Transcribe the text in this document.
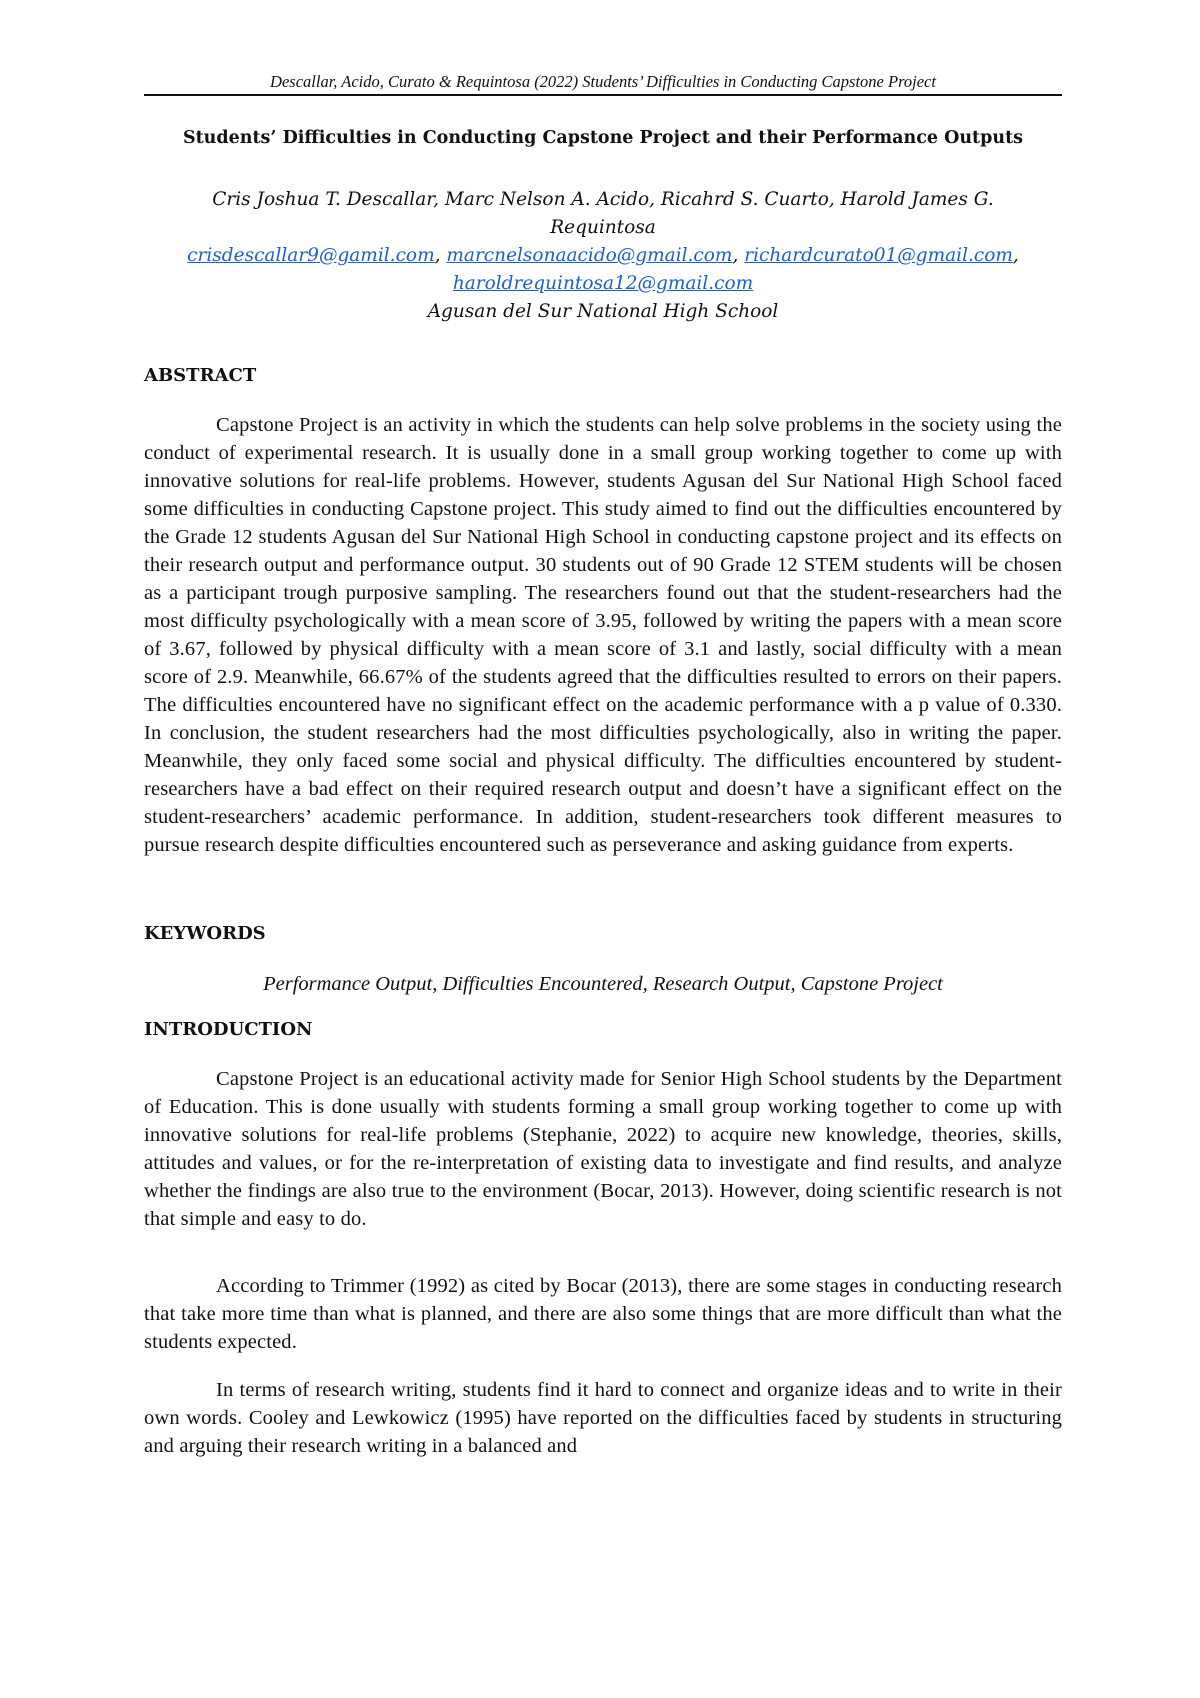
Descallar, Acido, Curato & Requintosa (2022) Students’ Difficulties in Conducting Capstone Project
Students’ Difficulties in Conducting Capstone Project and their Performance Outputs
Cris Joshua T. Descallar, Marc Nelson A. Acido, Ricahrd S. Cuarto, Harold James G.
Requintosa
crisdescallar9@gamil.com, marcnelsonaacido@gmail.com, richardcurato01@gmail.com,
haroldrequintosa12@gmail.com
Agusan del Sur National High School
ABSTRACT

Capstone Project is an activity in which the students can help solve problems in the society using the conduct of experimental research. It is usually done in a small group working together to come up with innovative solutions for real-life problems. However, students Agusan del Sur National High School faced some difficulties in conducting Capstone project. This study aimed to find out the difficulties encountered by the Grade 12 students Agusan del Sur National High School in conducting capstone project and its effects on their research output and performance output. 30 students out of 90 Grade 12 STEM students will be chosen as a participant trough purposive sampling. The researchers found out that the student-researchers had the most difficulty psychologically with a mean score of 3.95, followed by writing the papers with a mean score of 3.67, followed by physical difficulty with a mean score of 3.1 and lastly, social difficulty with a mean score of 2.9. Meanwhile, 66.67% of the students agreed that the difficulties resulted to errors on their papers. The difficulties encountered have no significant effect on the academic performance with a p value of 0.330. In conclusion, the student researchers had the most difficulties psychologically, also in writing the paper. Meanwhile, they only faced some social and physical difficulty. The difficulties encountered by student-researchers have a bad effect on their required research output and doesn’t have a significant effect on the student-researchers’ academic performance. In addition, student-researchers took different measures to pursue research despite difficulties encountered such as perseverance and asking guidance from experts.

KEYWORDS

Performance Output, Difficulties Encountered, Research Output, Capstone Project

INTRODUCTION

Capstone Project is an educational activity made for Senior High School students by the Department of Education. This is done usually with students forming a small group working together to come up with innovative solutions for real-life problems (Stephanie, 2022) to acquire new knowledge, theories, skills, attitudes and values, or for the re-interpretation of existing data to investigate and find results, and analyze whether the findings are also true to the environment (Bocar, 2013). However, doing scientific research is not that simple and easy to do.

According to Trimmer (1992) as cited by Bocar (2013), there are some stages in conducting research that take more time than what is planned, and there are also some things that are more difficult than what the students expected.

In terms of research writing, students find it hard to connect and organize ideas and to write in their own words. Cooley and Lewkowicz (1995) have reported on the difficulties faced by students in structuring and arguing their research writing in a balanced and
